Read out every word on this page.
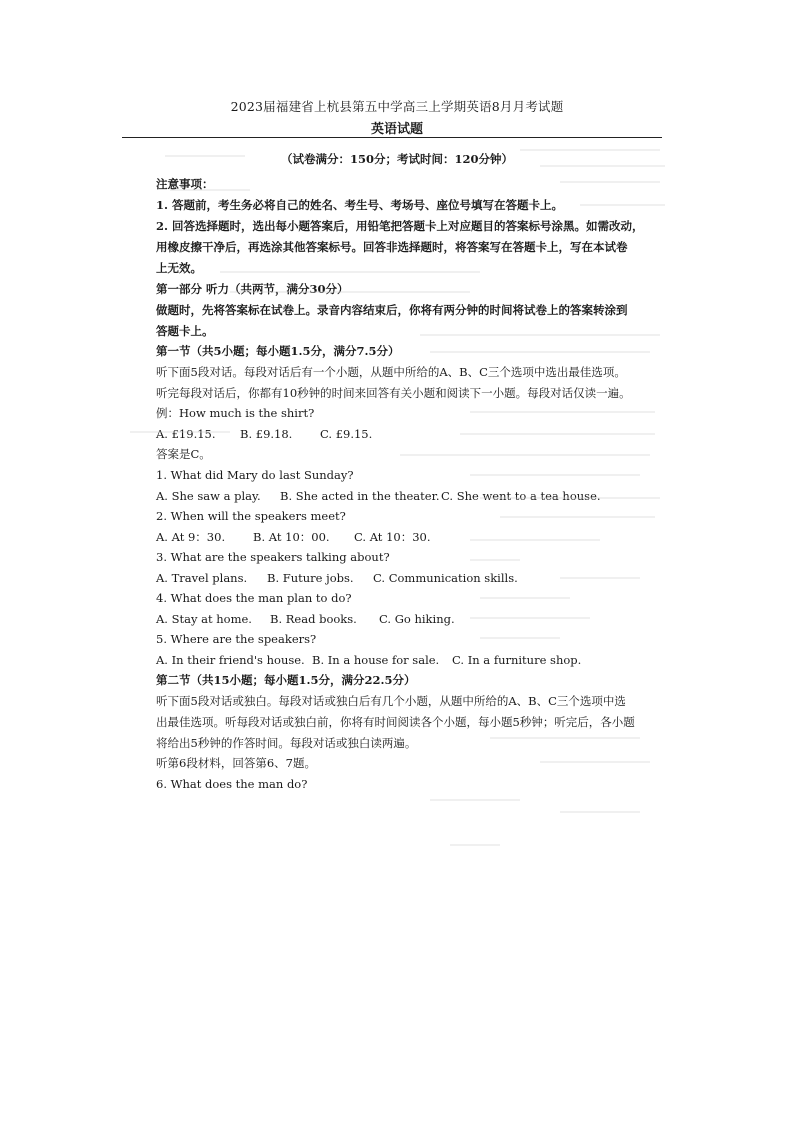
2023届福建省上杭县第五中学高三上学期英语8月月考试题
英语试题
（试卷满分：150分；考试时间：120分钟）
注意事项：
1. 答题前，考生务必将自己的姓名、考生号、考场号、座位号填写在答题卡上。
2. 回答选择题时，选出每小题答案后，用铅笔把答题卡上对应题目的答案标号涂黑。如需改动，
用橡皮擦干净后，再选涂其他答案标号。回答非选择题时，将答案写在答题卡上，写在本试卷
上无效。
第一部分 听力（共两节，满分30分）
做题时，先将答案标在试卷上。录音内容结束后，你将有两分钟的时间将试卷上的答案转涂到
答题卡上。
第一节（共5小题；每小题1.5分，满分7.5分）
听下面5段对话。每段对话后有一个小题，从题中所给的A、B、C三个选项中选出最佳选项。
听完每段对话后，你都有10秒钟的时间来回答有关小题和阅读下一小题。每段对话仅读一遍。
例：How much is the shirt?
A. £19.15. B. £9.18. C. £9.15.
答案是C。
1. What did Mary do last Sunday?
A. She saw a play. B. She acted in the theater. C. She went to a tea house.
2. When will the speakers meet?
A. At 9：30. B. At 10：00. C. At 10：30.
3. What are the speakers talking about?
A. Travel plans. B. Future jobs. C. Communication skills.
4. What does the man plan to do?
A. Stay at home. B. Read books. C. Go hiking.
5. Where are the speakers?
A. In their friend's house. B. In a house for sale. C. In a furniture shop.
第二节（共15小题；每小题1.5分，满分22.5分）
听下面5段对话或独白。每段对话或独白后有几个小题，从题中所给的A、B、C三个选项中选
出最佳选项。听每段对话或独白前，你将有时间阅读各个小题，每小题5秒钟；听完后，各小题
将给出5秒钟的作答时间。每段对话或独白读两遍。
听第6段材料，回答第6、7题。
6. What does the man do?
